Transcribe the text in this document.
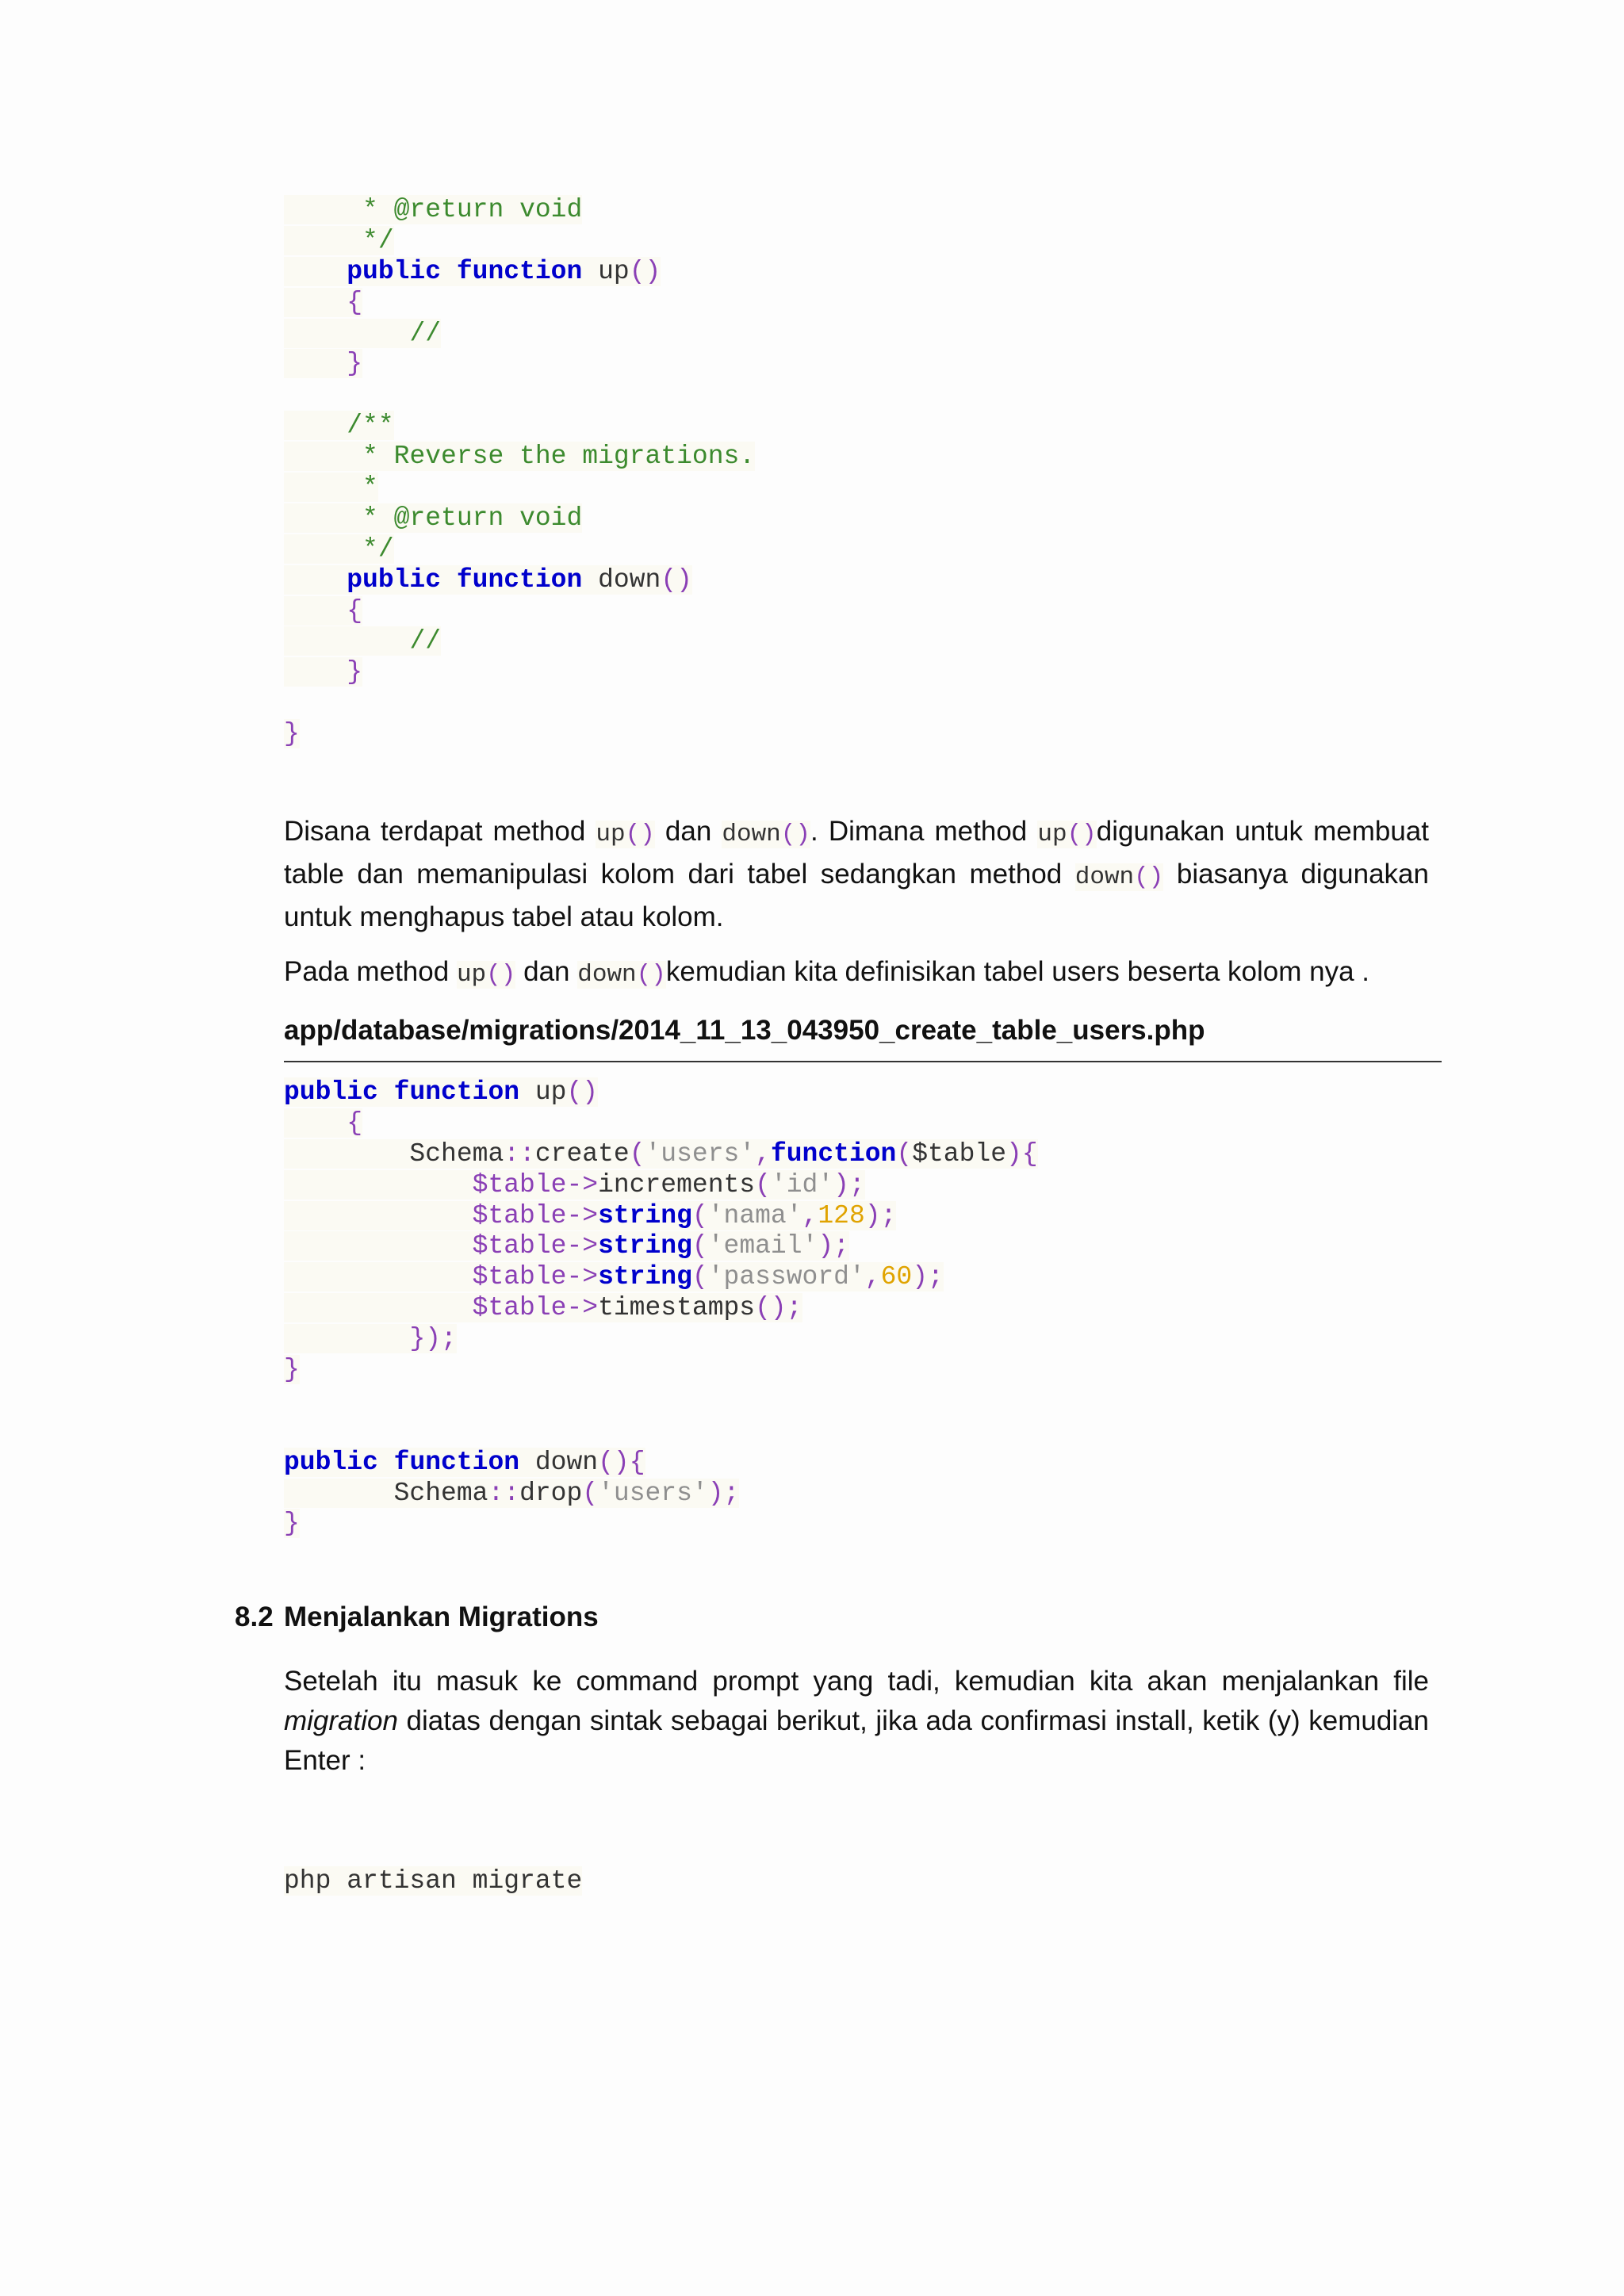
* @return void
*/
public function up()
{
//
}
/**
* Reverse the migrations.
*
* @return void
*/
public function down()
{
//
}
}

Disana terdapat method up() dan down(). Dimana method up()digunakan untuk membuat table dan memanipulasi kolom dari tabel sedangkan method down() biasanya digunakan untuk menghapus tabel atau kolom.

Pada method up() dan down()kemudian kita definisikan tabel users beserta kolom nya .

app/database/migrations/2014_11_13_043950_create_table_users.php
public function up()
{
Schema::create('users',function($table){
$table->increments('id');
$table->string('nama',128);
$table->string('email');
$table->string('password',60);
$table->timestamps();
});
}
public function down(){
Schema::drop('users');
}
8.2 Menjalankan Migrations

Setelah itu masuk ke command prompt yang tadi, kemudian kita akan menjalankan file migration diatas dengan sintak sebagai berikut, jika ada confirmasi install, ketik (y) kemudian Enter :

php artisan migrate
